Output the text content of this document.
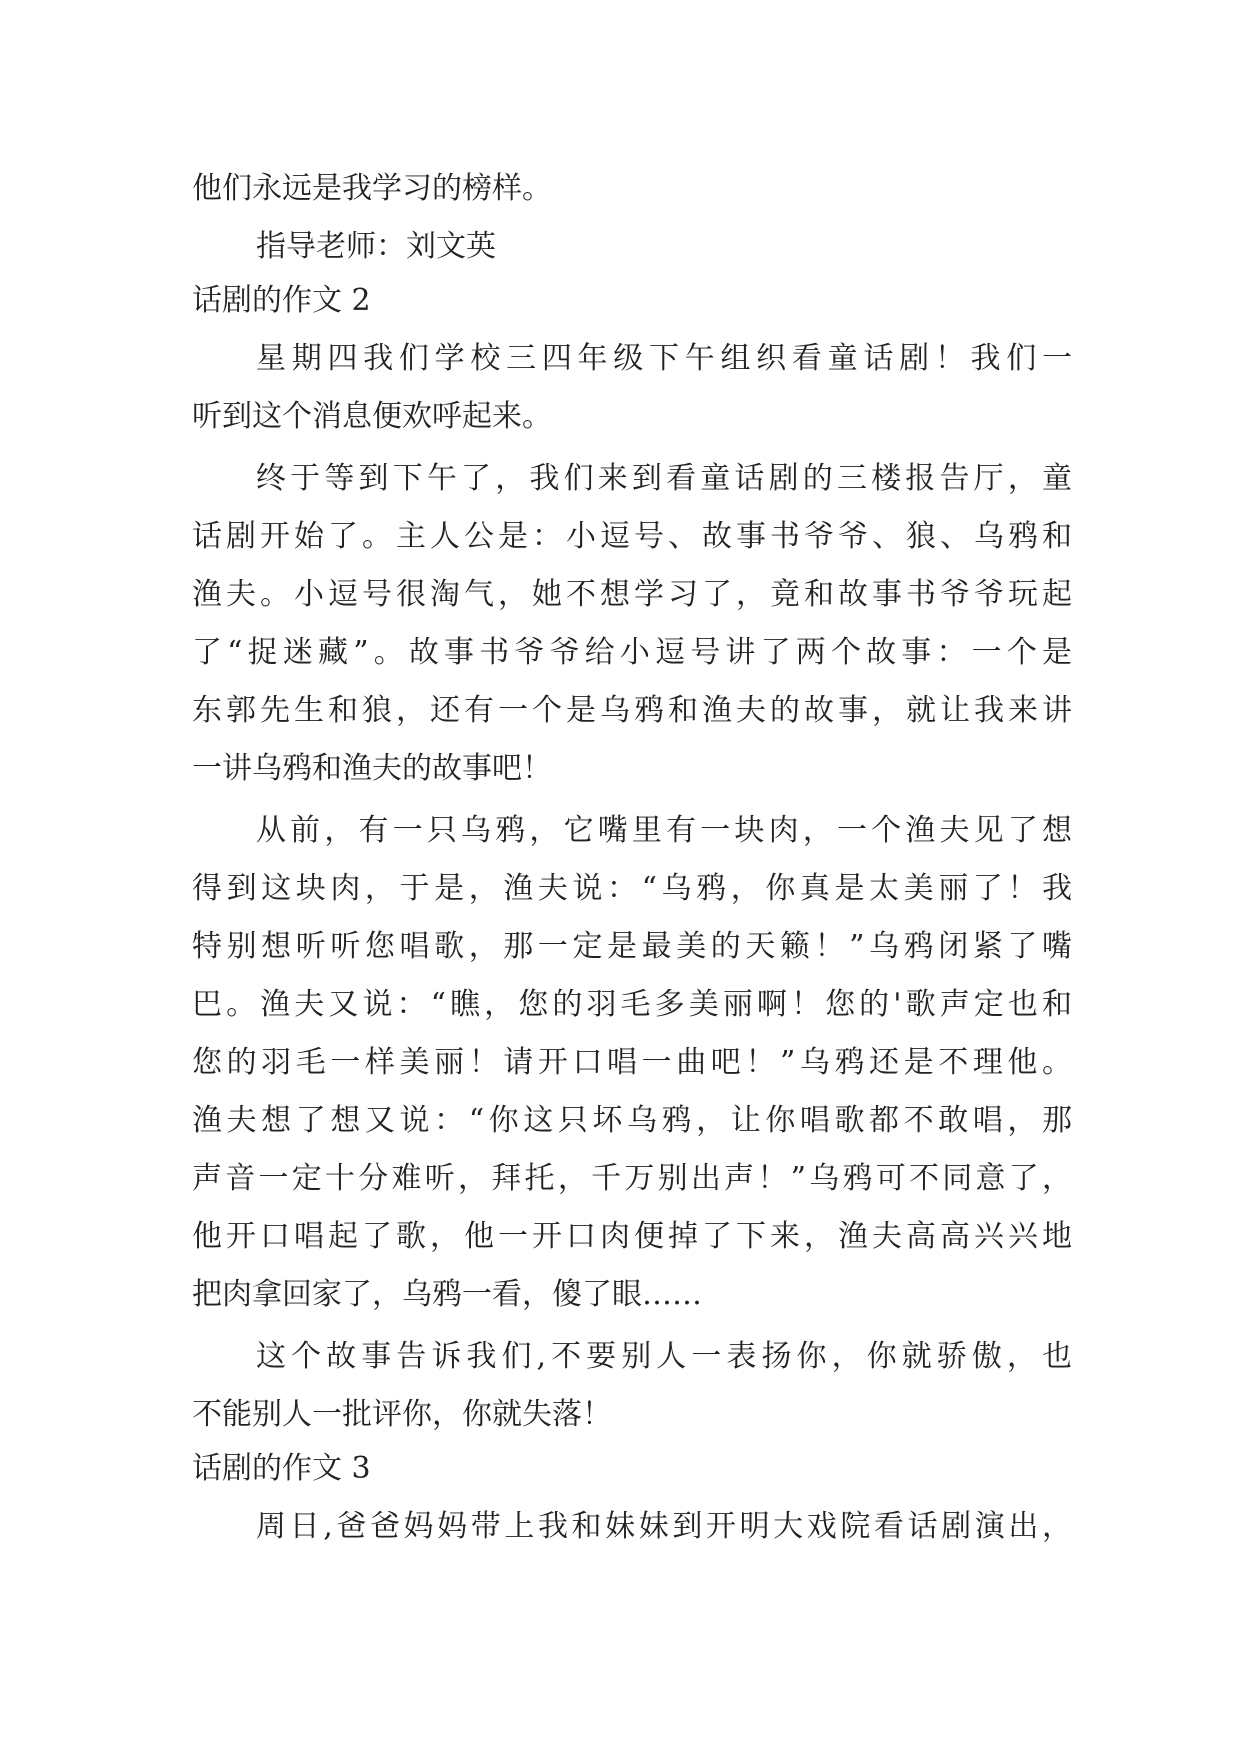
他们永远是我学习的榜样。
指导老师：刘文英
话剧的作文 2
星期四我们学校三四年级下午组织看童话剧！我们一
听到这个消息便欢呼起来。
终于等到下午了，我们来到看童话剧的三楼报告厅，童
话剧开始了。主人公是：小逗号、故事书爷爷、狼、乌鸦和
渔夫。小逗号很淘气，她不想学习了，竟和故事书爷爷玩起
了“捉迷藏”。故事书爷爷给小逗号讲了两个故事：一个是
东郭先生和狼，还有一个是乌鸦和渔夫的故事，就让我来讲
一讲乌鸦和渔夫的故事吧！
从前，有一只乌鸦，它嘴里有一块肉，一个渔夫见了想
得到这块肉，于是，渔夫说：“乌鸦，你真是太美丽了！我
特别想听听您唱歌，那一定是最美的天籁！”乌鸦闭紧了嘴
巴。渔夫又说：“瞧，您的羽毛多美丽啊！您的'歌声定也和
您的羽毛一样美丽！请开口唱一曲吧！”乌鸦还是不理他。
渔夫想了想又说：“你这只坏乌鸦，让你唱歌都不敢唱，那
声音一定十分难听，拜托，千万别出声！”乌鸦可不同意了，
他开口唱起了歌，他一开口肉便掉了下来，渔夫高高兴兴地
把肉拿回家了，乌鸦一看，傻了眼……
这个故事告诉我们,不要别人一表扬你，你就骄傲，也
不能别人一批评你，你就失落！
话剧的作文 3
周日,爸爸妈妈带上我和妹妹到开明大戏院看话剧演出，
